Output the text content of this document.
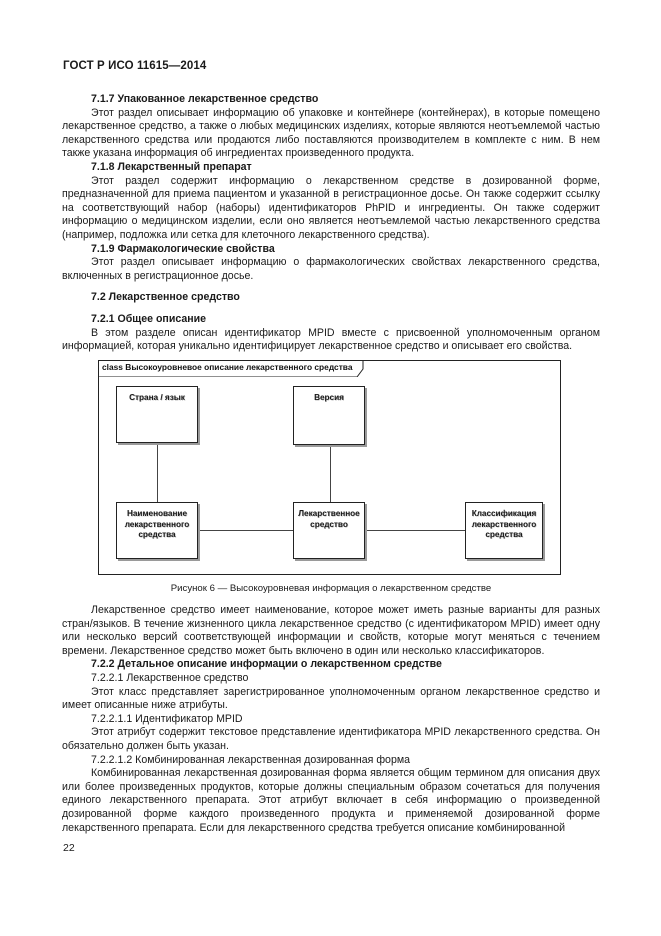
ГОСТ Р ИСО 11615—2014

7.1.7 Упакованное лекарственное средство

Этот раздел описывает информацию об упаковке и контейнере (контейнерах), в которые помещено лекарственное средство, а также о любых медицинских изделиях, которые являются неотъемлемой частью лекарственного средства или продаются либо поставляются производителем в комплекте с ним. В нем также указана информация об ингредиентах произведенного продукта.

7.1.8 Лекарственный препарат

Этот раздел содержит информацию о лекарственном средстве в дозированной форме, предназначенной для приема пациентом и указанной в регистрационное досье. Он также содержит ссылку на соответствующий набор (наборы) идентификаторов PhPID и ингредиенты. Он также содержит информацию о медицинском изделии, если оно является неотъемлемой частью лекарственного средства (например, подложка или сетка для клеточного лекарственного средства).

7.1.9 Фармакологические свойства

Этот раздел описывает информацию о фармакологических свойствах лекарственного средства, включенных в регистрационное досье.

7.2 Лекарственное средство

7.2.1 Общее описание

В этом разделе описан идентификатор MPID вместе с присвоенной уполномоченным органом информацией, которая уникально идентифицирует лекарственное средство и описывает его свойства.

class Высокоуровневое описание лекарственного средства
Страна / язык	Версия
Наименование лекарственного средства
Лекарственное средство
Классификация лекарственного средства
Рисунок 6 — Высокоуровневая информация о лекарственном средстве

Лекарственное средство имеет наименование, которое может иметь разные варианты для разных стран/языков. В течение жизненного цикла лекарственное средство (с идентификатором MPID) имеет одну или несколько версий соответствующей информации и свойств, которые могут меняться с течением времени. Лекарственное средство может быть включено в один или несколько классификаторов.

7.2.2 Детальное описание информации о лекарственном средстве

7.2.2.1 Лекарственное средство

Этот класс представляет зарегистрированное уполномоченным органом лекарственное средство и имеет описанные ниже атрибуты.

7.2.2.1.1 Идентификатор MPID

Этот атрибут содержит текстовое представление идентификатора MPID лекарственного средства. Он обязательно должен быть указан.

7.2.2.1.2 Комбинированная лекарственная дозированная форма

Комбинированная лекарственная дозированная форма является общим термином для описания двух или более произведенных продуктов, которые должны специальным образом сочетаться для получения единого лекарственного препарата. Этот атрибут включает в себя информацию о произведенной дозированной форме каждого произведенного продукта и применяемой дозированной форме лекарственного препарата. Если для лекарственного средства требуется описание комбинированной

22
